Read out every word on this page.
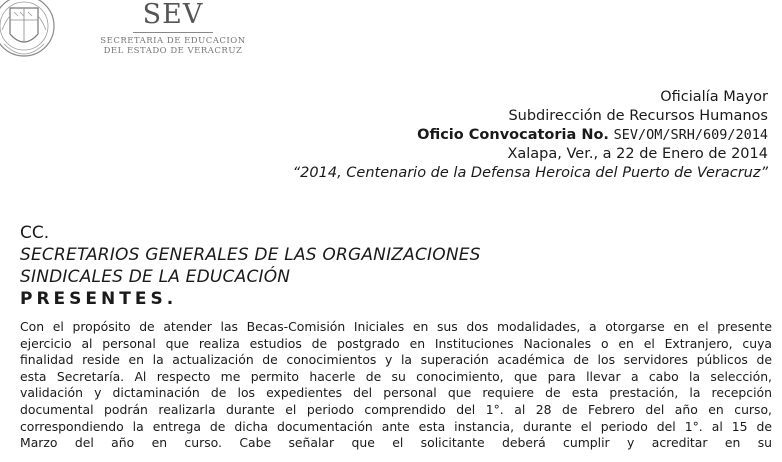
SEV
SECRETARIA DE EDUCACION
DEL ESTADO DE VERACRUZ
Oficialía Mayor
Subdirección de Recursos Humanos
Oficio Convocatoria No. SEV/OM/SRH/609/2014
Xalapa, Ver., a 22 de Enero de 2014
“2014, Centenario de la Defensa Heroica del Puerto de Veracruz”
CC.
SECRETARIOS GENERALES DE LAS ORGANIZACIONES
SINDICALES DE LA EDUCACIÓN
PRESENTES.
Con el propósito de atender las Becas-Comisión Iniciales en sus dos modalidades, a otorgarse en el presente
ejercicio al personal que realiza estudios de postgrado en Instituciones Nacionales o en el Extranjero, cuya
finalidad reside en la actualización de conocimientos y la superación académica de los servidores públicos de
esta Secretaría. Al respecto me permito hacerle de su conocimiento, que para llevar a cabo la selección,
validación y dictaminación de los expedientes del personal que requiere de esta prestación, la recepción
documental podrán realizarla durante el periodo comprendido del 1°. al 28 de Febrero del año en curso,
correspondiendo la entrega de dicha documentación ante esta instancia, durante el periodo del 1°. al 15 de
Marzo del año en curso. Cabe señalar que el solicitante deberá cumplir y acreditar en su
